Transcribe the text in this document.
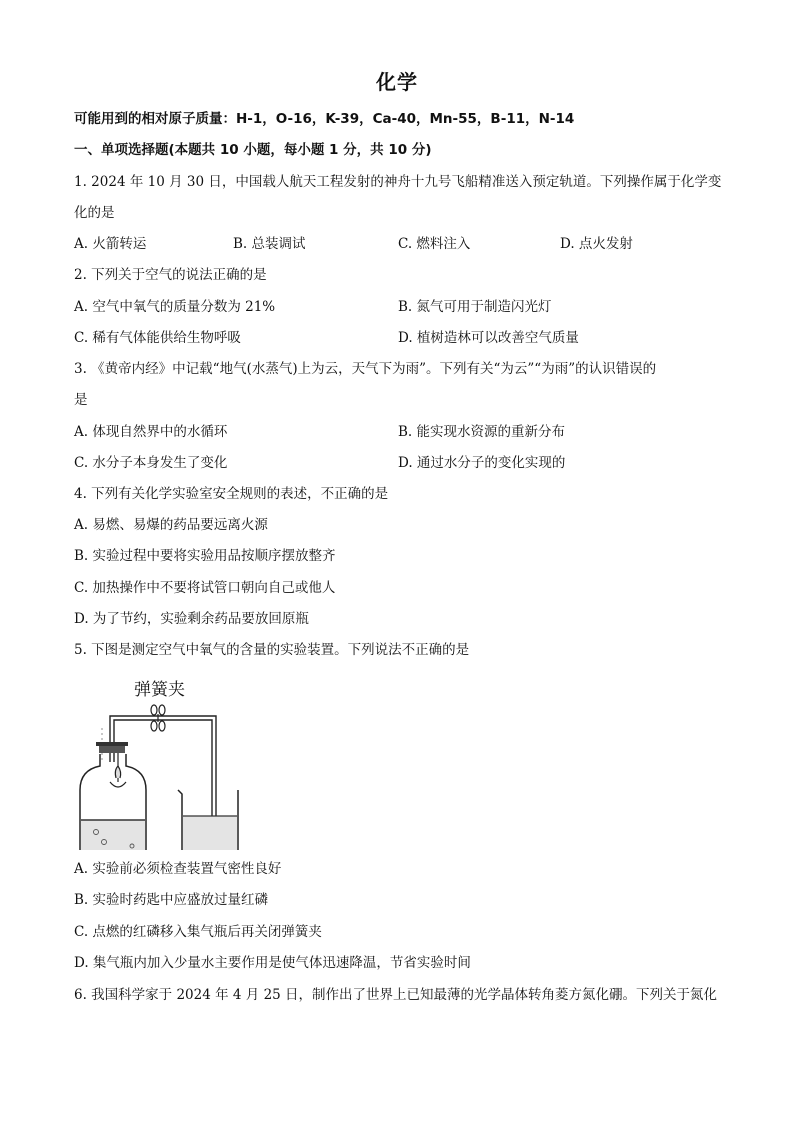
化学
可能用到的相对原子质量：H-1，O-16，K-39，Ca-40，Mn-55，B-11，N-14
一、单项选择题(本题共 10 小题，每小题 1 分，共 10 分)
1. 2024 年 10 月 30 日，中国载人航天工程发射的神舟十九号飞船精准送入预定轨道。下列操作属于化学变
化的是
A. 火箭转运	B. 总装调试	C. 燃料注入	D. 点火发射
2. 下列关于空气的说法正确的是
A. 空气中氧气的质量分数为 21%	B. 氮气可用于制造闪光灯
C. 稀有气体能供给生物呼吸	D. 植树造林可以改善空气质量
3. 《黄帝内经》中记载“地气(水蒸气)上为云，天气下为雨”。下列有关“为云”“为雨”的认识错误的
是
A. 体现自然界中的水循环	B. 能实现水资源的重新分布
C. 水分子本身发生了变化	D. 通过水分子的变化实现的
4. 下列有关化学实验室安全规则的表述，不正确的是
A. 易燃、易爆的药品要远离火源
B. 实验过程中要将实验用品按顺序摆放整齐
C. 加热操作中不要将试管口朝向自己或他人
D. 为了节约，实验剩余药品要放回原瓶
5. 下图是测定空气中氧气的含量的实验装置。下列说法不正确的是
弹簧夹
A. 实验前必须检查装置气密性良好
B. 实验时药匙中应盛放过量红磷
C. 点燃的红磷移入集气瓶后再关闭弹簧夹
D. 集气瓶内加入少量水主要作用是使气体迅速降温，节省实验时间
6. 我国科学家于 2024 年 4 月 25 日，制作出了世界上已知最薄的光学晶体转角菱方氮化硼。下列关于氮化
